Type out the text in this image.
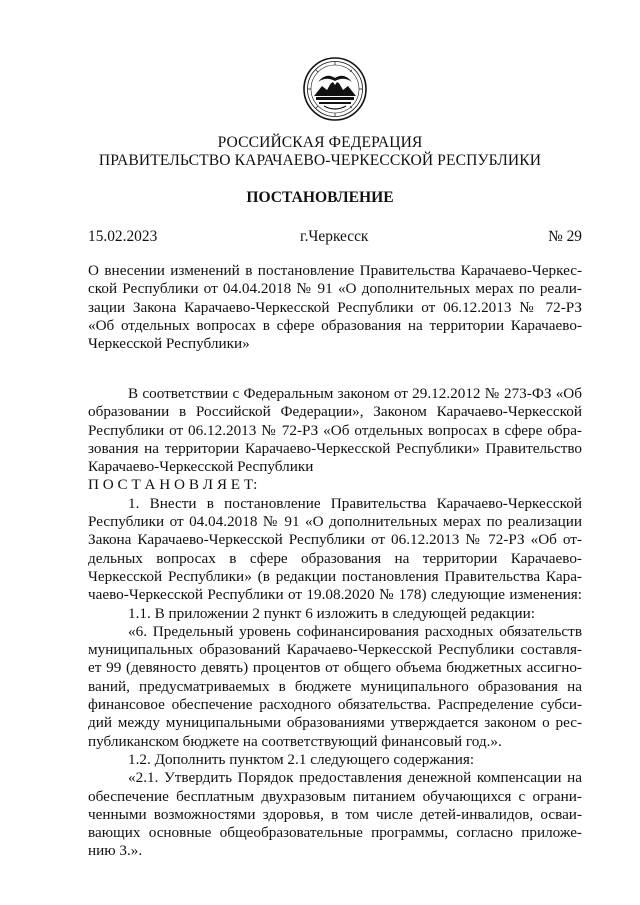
РОССИЙСКАЯ ФЕДЕРАЦИЯ
ПРАВИТЕЛЬСТВО КАРАЧАЕВО-ЧЕРКЕССКОЙ РЕСПУБЛИКИ
ПОСТАНОВЛЕНИЕ
15.02.2023	г.Черкесск	№ 29
О внесении изменений в постановление Правительства Карачаево-Черкес-
ской Республики от 04.04.2018 № 91 «О дополнительных мерах по реали-
зации Закона Карачаево-Черкесской Республики от 06.12.2013 № 72-РЗ
«Об отдельных вопросах в сфере образования на территории Карачаево-
Черкесской Республики»
В соответствии с Федеральным законом от 29.12.2012 № 273-ФЗ «Об
образовании в Российской Федерации», Законом Карачаево-Черкесской
Республики от 06.12.2013 № 72-РЗ «Об отдельных вопросах в сфере обра-
зования на территории Карачаево-Черкесской Республики» Правительство
Карачаево-Черкесской Республики
П О С Т А Н О В Л Я Е Т:
1. Внести в постановление Правительства Карачаево-Черкесской
Республики от 04.04.2018 № 91 «О дополнительных мерах по реализации
Закона Карачаево-Черкесской Республики от 06.12.2013 № 72-РЗ «Об от-
дельных вопросах в сфере образования на территории Карачаево-
Черкесской Республики» (в редакции постановления Правительства Кара-
чаево-Черкесской Республики от 19.08.2020 № 178) следующие изменения:
1.1. В приложении 2 пункт 6 изложить в следующей редакции:
«6. Предельный уровень софинансирования расходных обязательств
муниципальных образований Карачаево-Черкесской Республики составля-
ет 99 (девяносто девять) процентов от общего объема бюджетных ассигно-
ваний, предусматриваемых в бюджете муниципального образования на
финансовое обеспечение расходного обязательства. Распределение субси-
дий между муниципальными образованиями утверждается законом о рес-
публиканском бюджете на соответствующий финансовый год.».
1.2. Дополнить пунктом 2.1 следующего содержания:
«2.1. Утвердить Порядок предоставления денежной компенсации на
обеспечение бесплатным двухразовым питанием обучающихся с ограни-
ченными возможностями здоровья, в том числе детей-инвалидов, осваи-
вающих основные общеобразовательные программы, согласно приложе-
нию 3.».
